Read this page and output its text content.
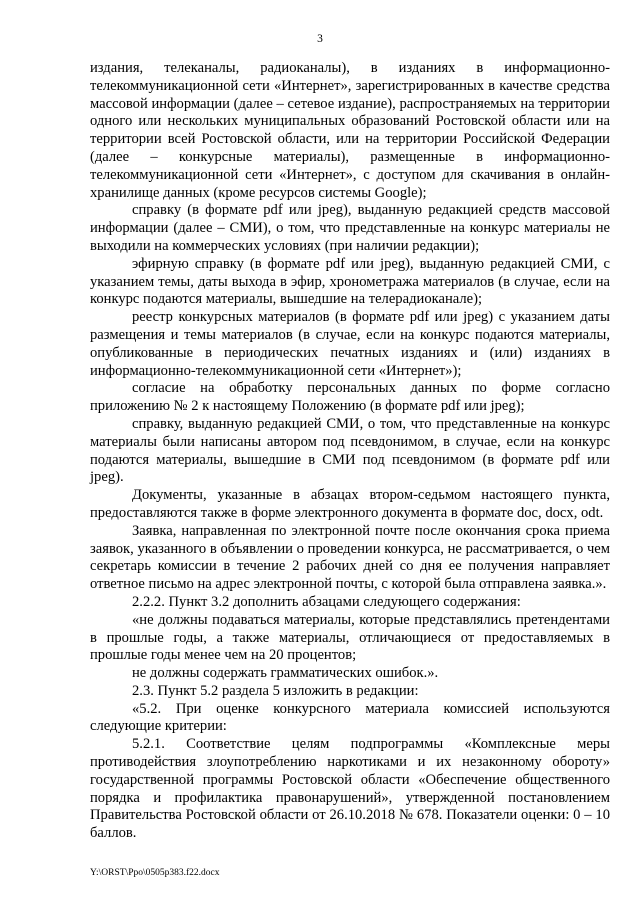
3

издания, телеканалы, радиоканалы), в изданиях в информационно-телекоммуникационной сети «Интернет», зарегистрированных в качестве средства массовой информации (далее – сетевое издание), распространяемых на территории одного или нескольких муниципальных образований Ростовской области или на территории всей Ростовской области, или на территории Российской Федерации (далее – конкурсные материалы), размещенные в информационно-телекоммуникационной сети «Интернет», с доступом для скачивания в онлайн-хранилище данных (кроме ресурсов системы Google);

справку (в формате pdf или jpeg), выданную редакцией средств массовой информации (далее – СМИ), о том, что представленные на конкурс материалы не выходили на коммерческих условиях (при наличии редакции);

эфирную справку (в формате pdf или jpeg), выданную редакцией СМИ, с указанием темы, даты выхода в эфир, хронометража материалов (в случае, если на конкурс подаются материалы, вышедшие на телерадиоканале);

реестр конкурсных материалов (в формате pdf или jpeg) с указанием даты размещения и темы материалов (в случае, если на конкурс подаются материалы, опубликованные в периодических печатных изданиях и (или) изданиях в информационно-телекоммуникационной сети «Интернет»);

согласие на обработку персональных данных по форме согласно приложению № 2 к настоящему Положению (в формате pdf или jpeg);

справку, выданную редакцией СМИ, о том, что представленные на конкурс материалы были написаны автором под псевдонимом, в случае, если на конкурс подаются материалы, вышедшие в СМИ под псевдонимом (в формате pdf или jpeg).

Документы, указанные в абзацах втором-седьмом настоящего пункта, предоставляются также в форме электронного документа в формате doc, docx, odt.

Заявка, направленная по электронной почте после окончания срока приема заявок, указанного в объявлении о проведении конкурса, не рассматривается, о чем секретарь комиссии в течение 2 рабочих дней со дня ее получения направляет ответное письмо на адрес электронной почты, с которой была отправлена заявка.».

2.2.2. Пункт 3.2 дополнить абзацами следующего содержания:

«не должны подаваться материалы, которые представлялись претендентами в прошлые годы, а также материалы, отличающиеся от предоставляемых в прошлые годы менее чем на 20 процентов;

не должны содержать грамматических ошибок.».

2.3. Пункт 5.2 раздела 5 изложить в редакции:

«5.2. При оценке конкурсного материала комиссией используются следующие критерии:

5.2.1. Соответствие целям подпрограммы «Комплексные меры противодействия злоупотреблению наркотиками и их незаконному обороту» государственной программы Ростовской области «Обеспечение общественного порядка и профилактика правонарушений», утвержденной постановлением Правительства Ростовской области от 26.10.2018 № 678. Показатели оценки: 0 – 10 баллов.

Y:\ORST\Ppo\0505p383.f22.docx
